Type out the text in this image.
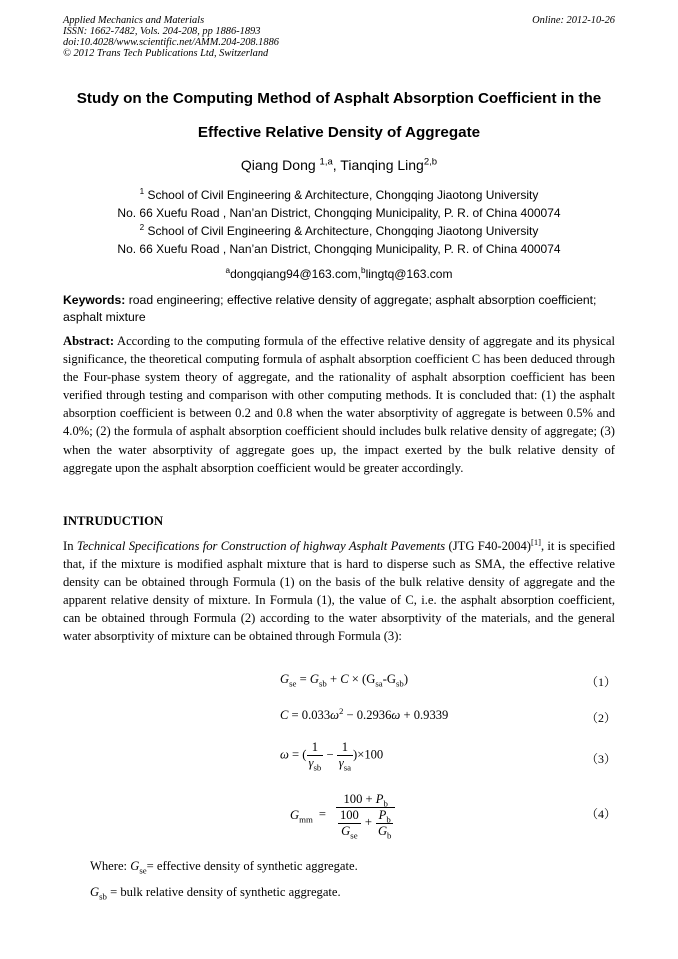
Applied Mechanics and Materials
ISSN: 1662-7482, Vols. 204-208, pp 1886-1893
doi:10.4028/www.scientific.net/AMM.204-208.1886
© 2012 Trans Tech Publications Ltd, Switzerland
Online: 2012-10-26
Study on the Computing Method of Asphalt Absorption Coefficient in the
Effective Relative Density of Aggregate
Qiang Dong $^{1,a}$, Tianqing Ling$^{2,b}$
$^1$ School of Civil Engineering & Architecture, Chongqing Jiaotong University
No. 66 Xuefu Road , Nan’an District, Chongqing Municipality, P. R. of China 400074
$^2$ School of Civil Engineering & Architecture, Chongqing Jiaotong University
No. 66 Xuefu Road , Nan’an District, Chongqing Municipality, P. R. of China 400074
$^a$dongqiang94@163.com,$^b$lingtq@163.com
Keywords: road engineering; effective relative density of aggregate; asphalt absorption coefficient; asphalt mixture
Abstract: According to the computing formula of the effective relative density of aggregate and its physical significance, the theoretical computing formula of asphalt absorption coefficient C has been deduced through the Four-phase system theory of aggregate, and the rationality of asphalt absorption coefficient has been verified through testing and comparison with other computing methods. It is concluded that: (1) the asphalt absorption coefficient is between 0.2 and 0.8 when the water absorptivity of aggregate is between 0.5% and 4.0%; (2) the formula of asphalt absorption coefficient should includes bulk relative density of aggregate; (3) when the water absorptivity of aggregate goes up, the impact exerted by the bulk relative density of aggregate upon the asphalt absorption coefficient would be greater accordingly.
INTRUDUCTION
In Technical Specifications for Construction of highway Asphalt Pavements (JTG F40-2004)[1], it is specified that, if the mixture is modified asphalt mixture that is hard to disperse such as SMA, the effective relative density can be obtained through Formula (1) on the basis of the bulk relative density of aggregate and the apparent relative density of mixture. In Formula (1), the value of C, i.e. the asphalt absorption coefficient, can be obtained through Formula (2) according to the water absorptivity of the materials, and the general water absorptivity of mixture can be obtained through Formula (3):
$G_{se} = G_{sb} + C \times (G_{sa}-G_{sb})$	（1）
$C = 0.033\omega^2 - 0.2936\omega + 0.9339$	（2）
ω = ( $\frac{1}{\gamma_{sb}} - \frac{1}{\gamma_{sa}} )\times 100$	（3）
$G_{mm} = \frac{100 + P_b}{\frac{100}{G_{se}} + \frac{P_b}{G_b}}$	（4）
Where: $G_{se}=$ effective density of synthetic aggregate.
$G_{sb}$ = bulk relative density of synthetic aggregate.
